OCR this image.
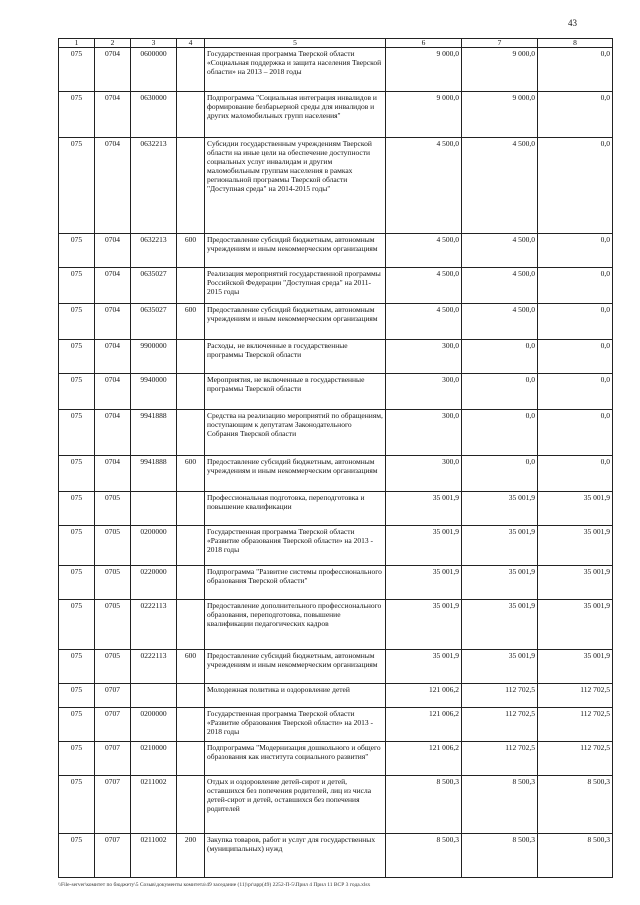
43
1	2	3	4	5	6	7	8
075	0704	0600000		Государственная программа Тверской области «Социальная поддержка и защита населения Тверской области» на 2013 – 2018 годы	9 000,0	9 000,0	0,0
075	0704	0630000		Подпрограмма "Социальная интеграция инвалидов и формирование безбарьерной среды для инвалидов и других маломобильных групп населения"	9 000,0	9 000,0	0,0
075	0704	0632213		Субсидии государственным учреждениям Тверской области на иные цели на обеспечение доступности социальных услуг инвалидам и другим маломобильным группам населения в рамках региональной программы Тверской области "Доступная среда" на 2014-2015 годы"	4 500,0	4 500,0	0,0
075	0704	0632213	600	Предоставление субсидий бюджетным, автономным учреждениям и иным некоммерческим организациям	4 500,0	4 500,0	0,0
075	0704	0635027		Реализация мероприятий государственной программы Российской Федерации "Доступная среда" на 2011-2015 годы	4 500,0	4 500,0	0,0
075	0704	0635027	600	Предоставление субсидий бюджетным, автономным учреждениям и иным некоммерческим организациям	4 500,0	4 500,0	0,0
075	0704	9900000		Расходы, не включенные в государственные программы Тверской области	300,0	0,0	0,0
075	0704	9940000		Мероприятия, не включенные в государственные программы Тверской области	300,0	0,0	0,0
075	0704	9941888		Средства на реализацию мероприятий по обращениям, поступающим к депутатам Законодательного Собрания Тверской области	300,0	0,0	0,0
075	0704	9941888	600	Предоставление субсидий бюджетным, автономным учреждениям и иным некоммерческим организациям	300,0	0,0	0,0
075	0705			Профессиональная подготовка, переподготовка и повышение квалификации	35 001,9	35 001,9	35 001,9
075	0705	0200000		Государственная программа Тверской области «Развитие образования Тверской области» на 2013 - 2018 годы	35 001,9	35 001,9	35 001,9
075	0705	0220000		Подпрограмма "Развитие системы профессионального образования Тверской области"	35 001,9	35 001,9	35 001,9
075	0705	0222113		Предоставление дополнительного профессионального образования, переподготовка, повышение квалификации педагогических кадров	35 001,9	35 001,9	35 001,9
075	0705	0222113	600	Предоставление субсидий бюджетным, автономным учреждениям и иным некоммерческим организациям	35 001,9	35 001,9	35 001,9
075	0707			Молодежная политика и оздоровление детей	121 006,2	112 702,5	112 702,5
075	0707	0200000		Государственная программа Тверской области «Развитие образования Тверской области» на 2013 - 2018 годы	121 006,2	112 702,5	112 702,5
075	0707	0210000		Подпрограмма "Модернизация дошкольного и общего образования как института социального развития"	121 006,2	112 702,5	112 702,5
075	0707	0211002		Отдых и оздоровление детей-сирот и детей, оставшихся без попечения родителей, лиц из числа детей-сирот и детей, оставшихся без попечения родителей	8 500,3	8 500,3	8 500,3
075	0707	0211002	200	Закупка товаров, работ и услуг для государственных (муниципальных) нужд	8 500,3	8 500,3	8 500,3
\\File-server\комитет по бюджету\5 Созыв\документы комитета\49 заседание (11)\pr\app(49) 2252-П-5\Прил 4 Прил 11 ВСР 3 года.xlsx
